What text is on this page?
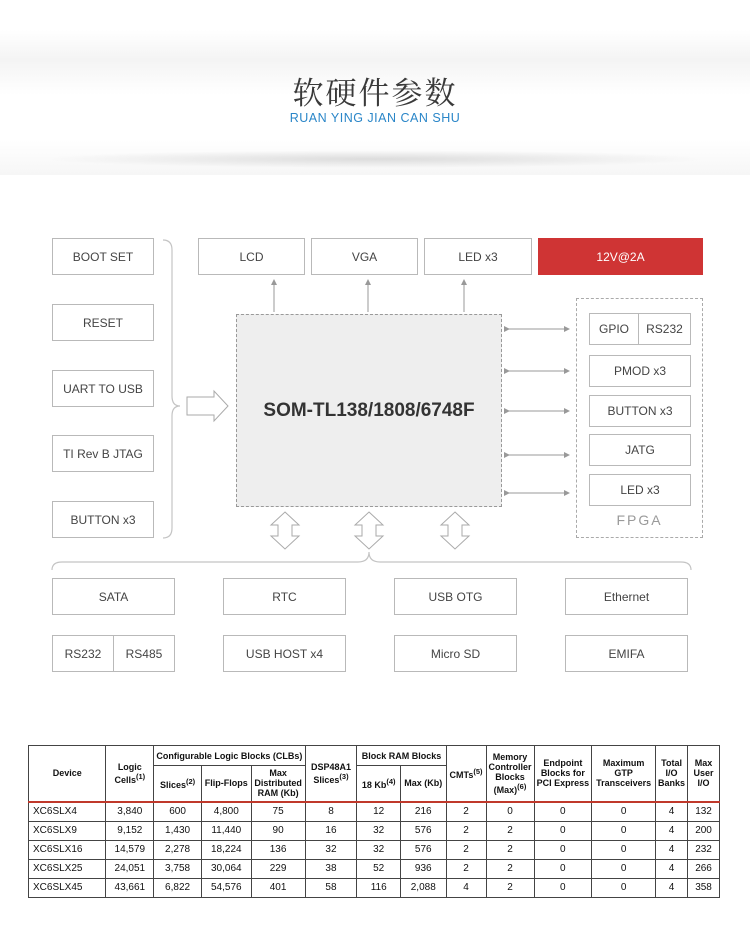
软硬件参数
RUAN YING JIAN CAN SHU
BOOT SET
RESET
UART TO USB
TI Rev B JTAG
BUTTON x3
LCD	VGA	LED x3	12V@2A
SOM-TL138/1808/6748F
GPIO	RS232
PMOD x3
BUTTON x3
JATG
LED x3
FPGA
SATA	RTC	USB OTG	Ethernet
RS232	RS485	USB HOST x4	Micro SD	EMIFA
Device	Logic Cells$^{(1)}$	Configurable Logic Blocks (CLBs)			DSP48A1 Slices$^{(3)}$	Block RAM Blocks		CMTs$^{(5)}$	Memory Controller Blocks (Max)$^{(6)}$	Endpoint Blocks for PCI Express	Maximum GTP Transceivers	Total I/O Banks	Max User I/O
		Slices$^{(2)}$	Flip-Flops	Max Distributed RAM (Kb)		18 Kb$^{(4)}$	Max (Kb)						
XC6SLX4	3,840	600	4,800	75	8	12	216	2	0	0	0	4	132
XC6SLX9	9,152	1,430	11,440	90	16	32	576	2	2	0	0	4	200
XC6SLX16	14,579	2,278	18,224	136	32	32	576	2	2	0	0	4	232
XC6SLX25	24,051	3,758	30,064	229	38	52	936	2	2	0	0	4	266
XC6SLX45	43,661	6,822	54,576	401	58	116	2,088	4	2	0	0	4	358
